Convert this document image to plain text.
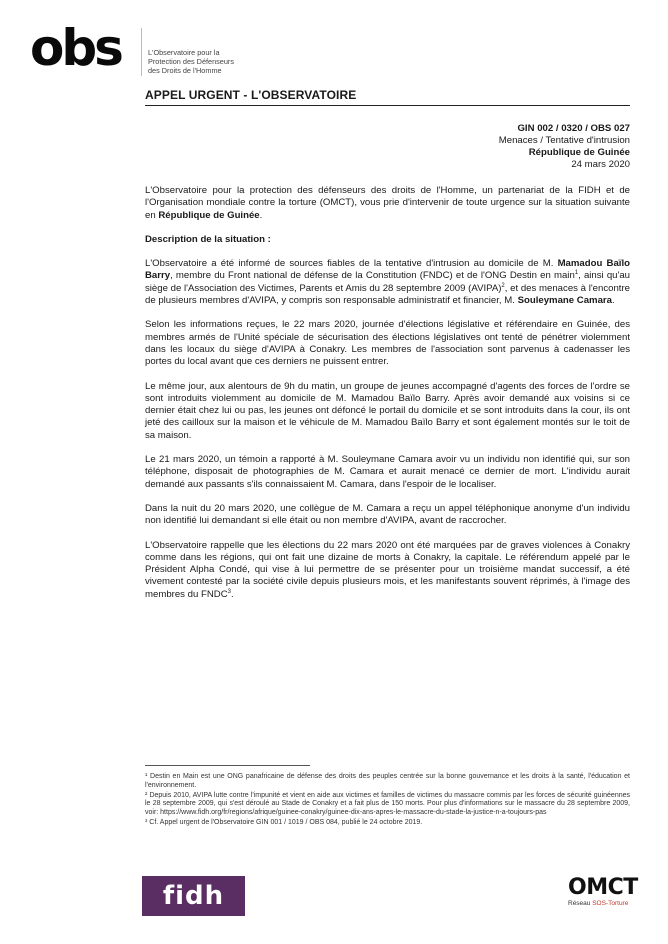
obs	L'Observatoire pour la
Protection des Défenseurs
des Droits de l'Homme
APPEL URGENT - L'OBSERVATOIRE
GIN 002 / 0320 / OBS 027
Menaces / Tentative d'intrusion
République de Guinée
24 mars 2020

L'Observatoire pour la protection des défenseurs des droits de l'Homme, un partenariat de la FIDH et de l'Organisation mondiale contre la torture (OMCT), vous prie d'intervenir de toute urgence sur la situation suivante en République de Guinée.

Description de la situation :

L'Observatoire a été informé de sources fiables de la tentative d'intrusion au domicile de M. Mamadou Baïlo Barry, membre du Front national de défense de la Constitution (FNDC) et de l'ONG Destin en main$^1$, ainsi qu'au siège de l'Association des Victimes, Parents et Amis du 28 septembre 2009 (AVIPA)$^2$, et des menaces à l'encontre de plusieurs membres d'AVIPA, y compris son responsable administratif et financier, M. Souleymane Camara.

Selon les informations reçues, le 22 mars 2020, journée d'élections législative et référendaire en Guinée, des membres armés de l'Unité spéciale de sécurisation des élections législatives ont tenté de pénétrer violemment dans les locaux du siège d'AVIPA à Conakry. Les membres de l'association sont parvenus à cadenasser les portes du local avant que ces derniers ne puissent entrer.

Le même jour, aux alentours de 9h du matin, un groupe de jeunes accompagné d'agents des forces de l'ordre se sont introduits violemment au domicile de M. Mamadou Baïlo Barry. Après avoir demandé aux voisins si ce dernier était chez lui ou pas, les jeunes ont défoncé le portail du domicile et se sont introduits dans la cour, ils ont jeté des cailloux sur la maison et le véhicule de M. Mamadou Baïlo Barry et sont également montés sur le toit de sa maison.

Le 21 mars 2020, un témoin a rapporté à M. Souleymane Camara avoir vu un individu non identifié qui, sur son téléphone, disposait de photographies de M. Camara et aurait menacé ce dernier de mort. L'individu aurait demandé aux passants s'ils connaissaient M. Camara, dans l'espoir de le localiser.

Dans la nuit du 20 mars 2020, une collègue de M. Camara a reçu un appel téléphonique anonyme d'un individu non identifié lui demandant si elle était ou non membre d'AVIPA, avant de raccrocher.

L'Observatoire rappelle que les élections du 22 mars 2020 ont été marquées par de graves violences à Conakry comme dans les régions, qui ont fait une dizaine de morts à Conakry, la capitale. Le référendum appelé par le Président Alpha Condé, qui vise à lui permettre de se présenter pour un troisième mandat successif, a été vivement contesté par la société civile depuis plusieurs mois, et les manifestants souvent réprimés, à l'image des membres du FNDC$^3$.

¹ Destin en Main est une ONG panafricaine de défense des droits des peuples centrée sur la bonne gouvernance et les droits à la santé, l'éducation et l'environnement.
² Depuis 2010, AVIPA lutte contre l'impunité et vient en aide aux victimes et familles de victimes du massacre commis par les forces de sécurité guinéennes le 28 septembre 2009, qui s'est déroulé au Stade de Conakry et a fait plus de 150 morts. Pour plus d'informations sur le massacre du 28 septembre 2009, voir: https://www.fidh.org/fr/regions/afrique/guinee-conakry/guinee-dix-ans-apres-le-massacre-du-stade-la-justice-n-a-toujours-pas
³ Cf. Appel urgent de l'Observatoire GIN 001 / 1019 / OBS 084, publié le 24 octobre 2019.
fidh	OMCT
Réseau SOS-Torture
